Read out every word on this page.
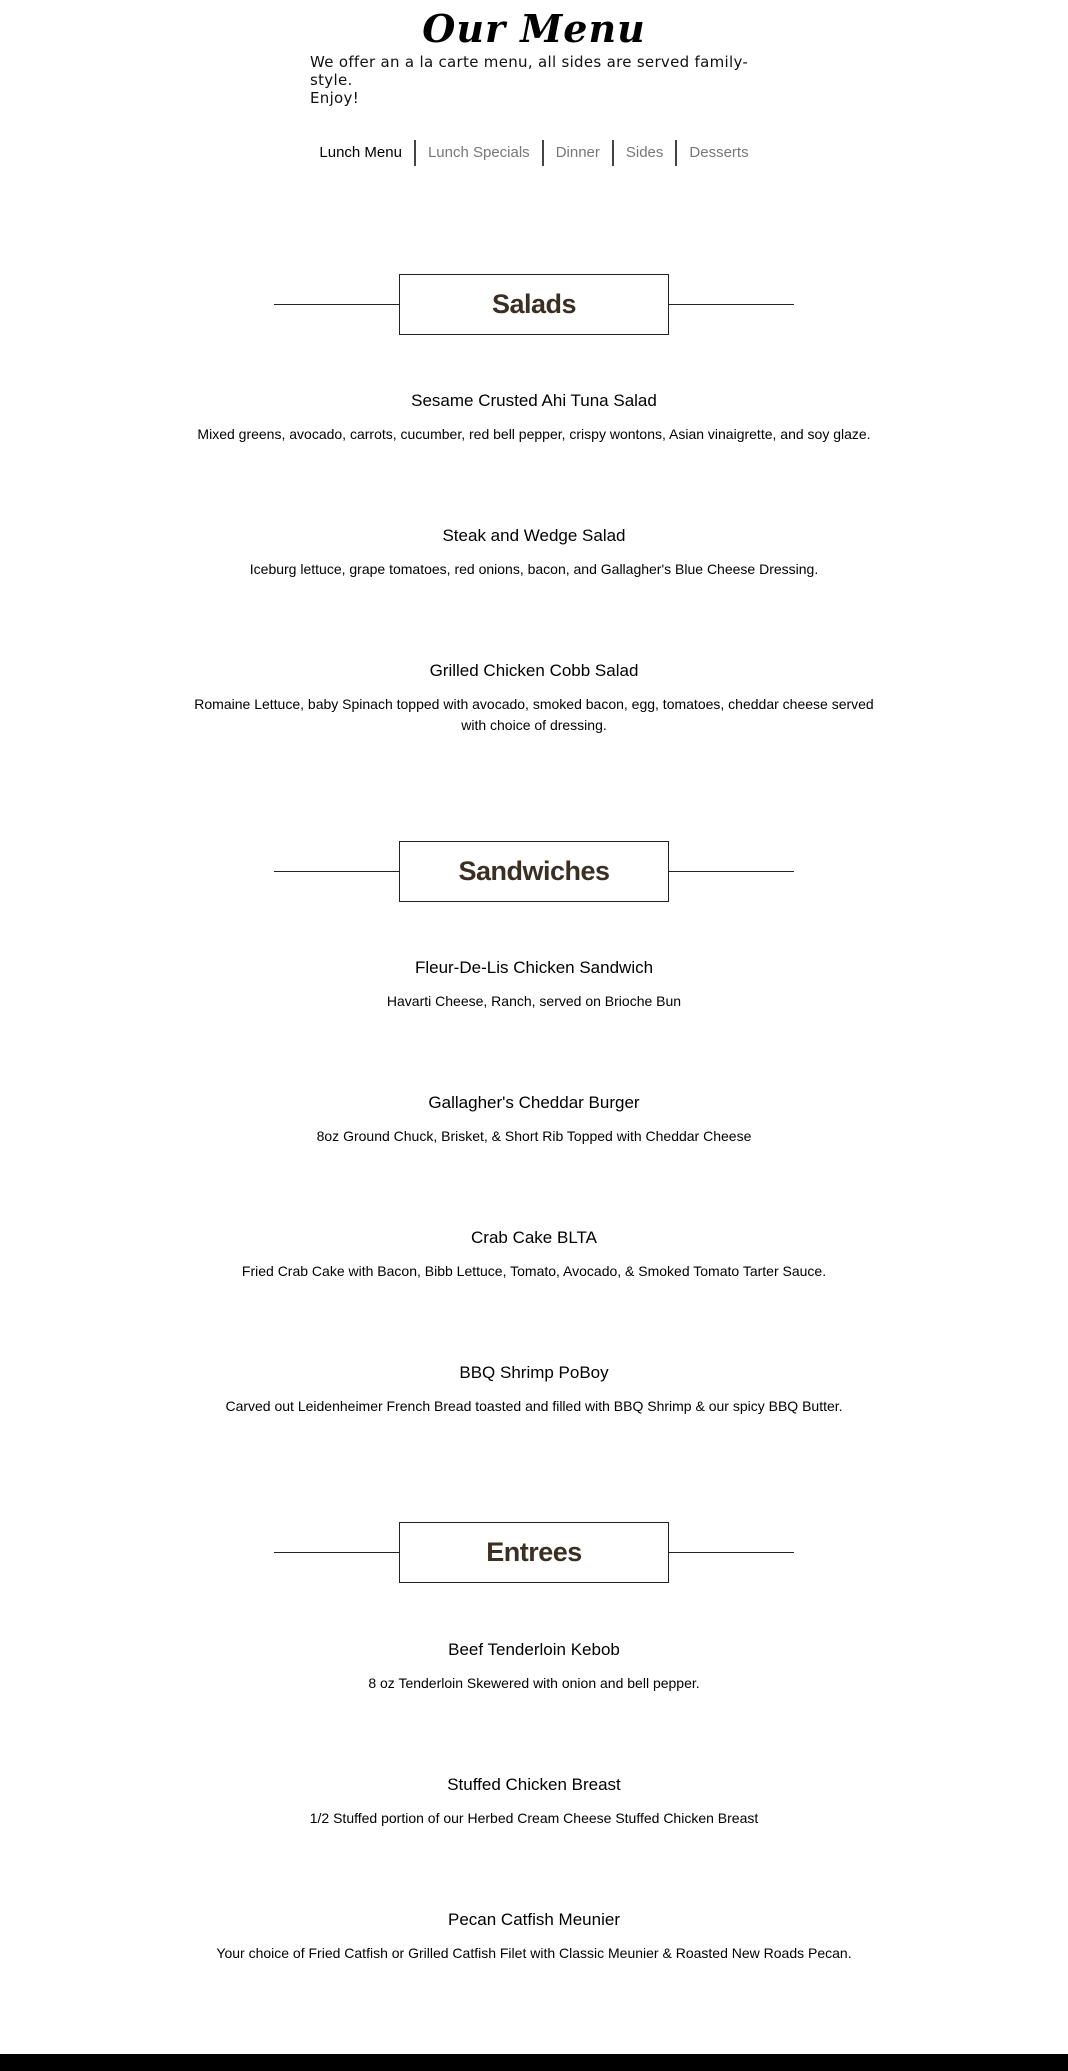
Our Menu
We offer an a la carte menu, all sides are served family-style.
Enjoy!
Lunch Menu	Lunch Specials	Dinner	Sides	Desserts
Salads

Sesame Crusted Ahi Tuna Salad

Mixed greens, avocado, carrots, cucumber, red bell pepper, crispy wontons, Asian vinaigrette, and soy glaze.

Steak and Wedge Salad

Iceburg lettuce, grape tomatoes, red onions, bacon, and Gallagher's Blue Cheese Dressing.

Grilled Chicken Cobb Salad

Romaine Lettuce, baby Spinach topped with avocado, smoked bacon, egg, tomatoes, cheddar cheese served with choice of dressing.
Sandwiches

Fleur-De-Lis Chicken Sandwich

Havarti Cheese, Ranch, served on Brioche Bun

Gallagher's Cheddar Burger

8oz Ground Chuck, Brisket, & Short Rib Topped with Cheddar Cheese

Crab Cake BLTA

Fried Crab Cake with Bacon, Bibb Lettuce, Tomato, Avocado, & Smoked Tomato Tarter Sauce.

BBQ Shrimp PoBoy

Carved out Leidenheimer French Bread toasted and filled with BBQ Shrimp & our spicy BBQ Butter.
Entrees

Beef Tenderloin Kebob

8 oz Tenderloin Skewered with onion and bell pepper.

Stuffed Chicken Breast

1/2 Stuffed portion of our Herbed Cream Cheese Stuffed Chicken Breast

Pecan Catfish Meunier

Your choice of Fried Catfish or Grilled Catfish Filet with Classic Meunier & Roasted New Roads Pecan.
